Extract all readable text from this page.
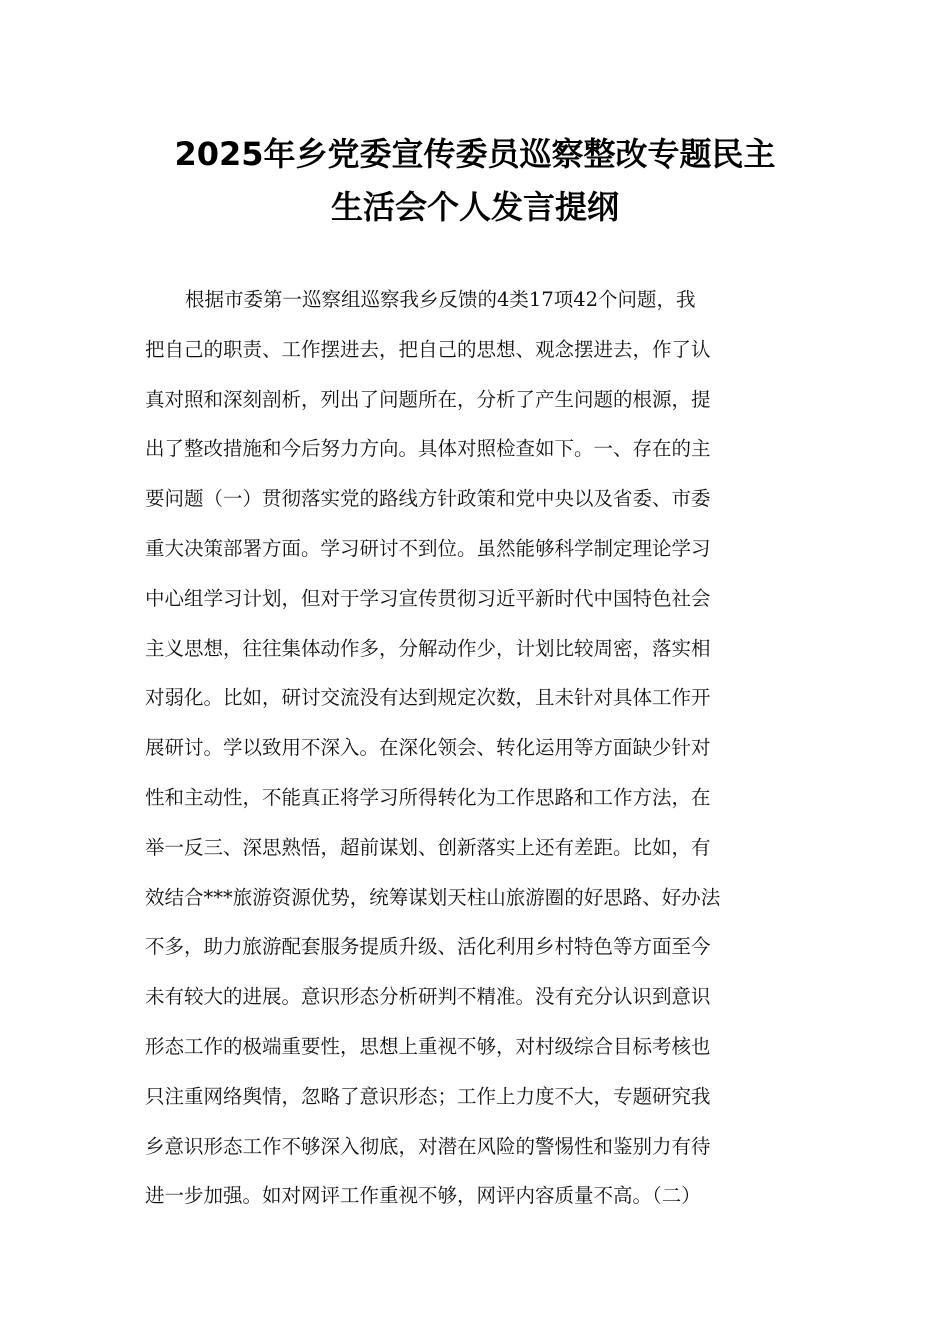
2025年乡党委宣传委员巡察整改专题民主
生活会个人发言提纲
根据市委第一巡察组巡察我乡反馈的4类17项42个问题，我
把自己的职责、工作摆进去，把自己的思想、观念摆进去，作了认
真对照和深刻剖析，列出了问题所在，分析了产生问题的根源，提
出了整改措施和今后努力方向。具体对照检查如下。一、存在的主
要问题（一）贯彻落实党的路线方针政策和党中央以及省委、市委
重大决策部署方面。学习研讨不到位。虽然能够科学制定理论学习
中心组学习计划，但对于学习宣传贯彻习近平新时代中国特色社会
主义思想，往往集体动作多，分解动作少，计划比较周密，落实相
对弱化。比如，研讨交流没有达到规定次数，且未针对具体工作开
展研讨。学以致用不深入。在深化领会、转化运用等方面缺少针对
性和主动性，不能真正将学习所得转化为工作思路和工作方法，在
举一反三、深思熟悟，超前谋划、创新落实上还有差距。比如，有
效结合***旅游资源优势，统筹谋划天柱山旅游圈的好思路、好办法
不多，助力旅游配套服务提质升级、活化利用乡村特色等方面至今
未有较大的进展。意识形态分析研判不精准。没有充分认识到意识
形态工作的极端重要性，思想上重视不够，对村级综合目标考核也
只注重网络舆情，忽略了意识形态；工作上力度不大，专题研究我
乡意识形态工作不够深入彻底，对潜在风险的警惕性和鉴别力有待
进一步加强。如对网评工作重视不够，网评内容质量不高。（二）
